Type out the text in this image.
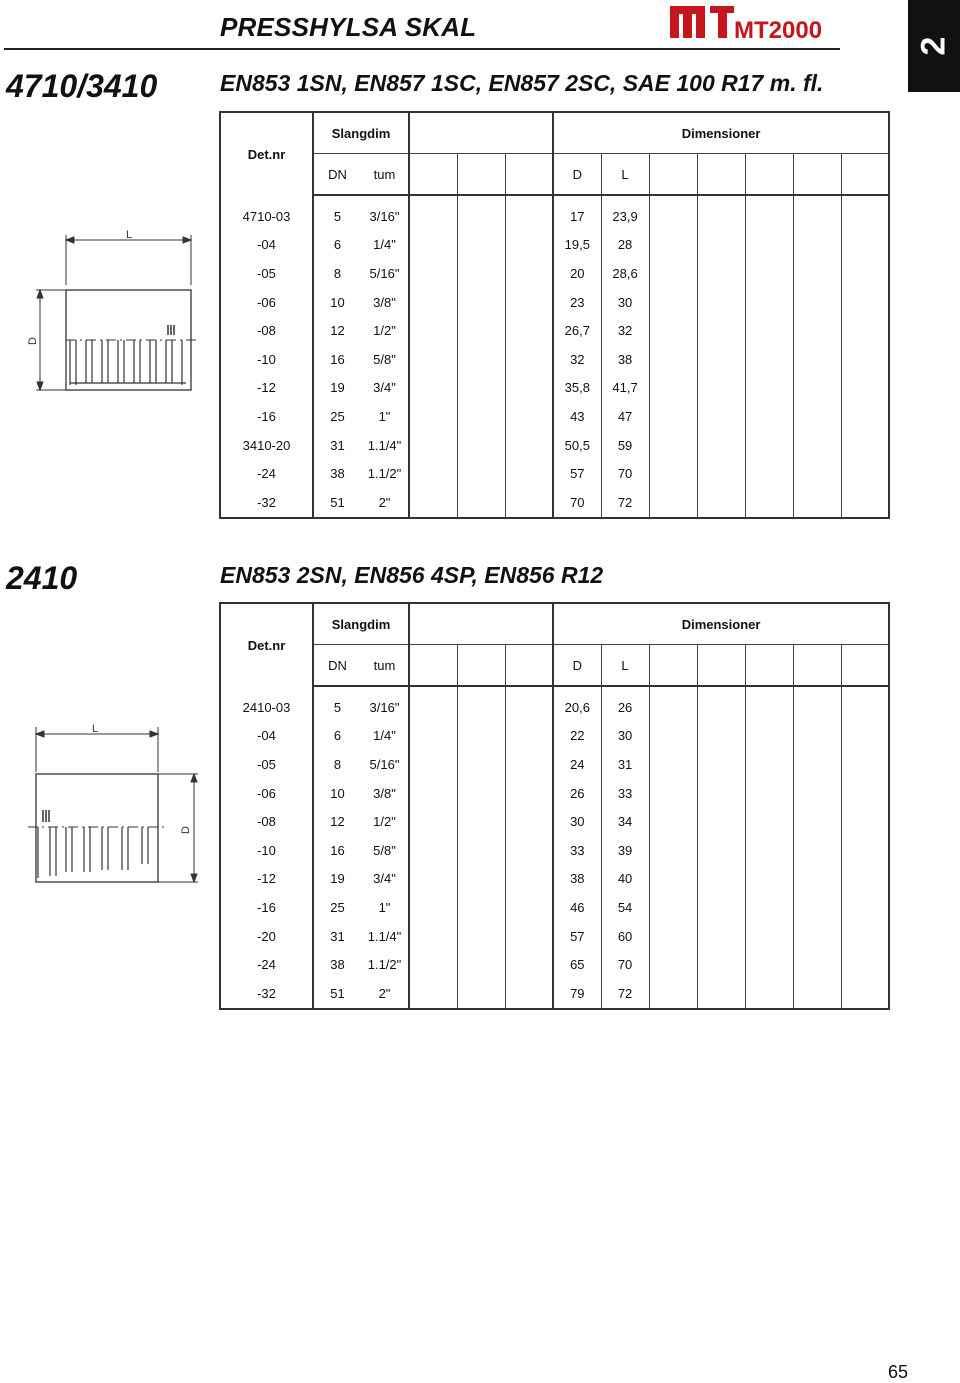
PRESSHYLSA SKAL	MT2000
2
4710/3410	EN853 1SN, EN857 1SC, EN857 2SC, SAE 100 R17 m. fl.
L
D
Det.nr	Slangdim					Dimensioner						
	DN	tum				D	L					

4710-03	5	3/16"				17	23,9					
-04	6	1/4"				19,5	28					
-05	8	5/16"				20	28,6					
-06	10	3/8"				23	30					
-08	12	1/2"				26,7	32					
-10	16	5/8"				32	38					
-12	19	3/4"				35,8	41,7					
-16	25	1"				43	47					
3410-20	31	1.1/4"				50,5	59					
-24	38	1.1/2"				57	70					
-32	51	2"				70	72					
2410	EN853 2SN, EN856 4SP, EN856 R12
L
D
Det.nr	Slangdim					Dimensioner						
	DN	tum				D	L					

2410-03	5	3/16"				20,6	26					
-04	6	1/4"				22	30					
-05	8	5/16"				24	31					
-06	10	3/8"				26	33					
-08	12	1/2"				30	34					
-10	16	5/8"				33	39					
-12	19	3/4"				38	40					
-16	25	1"				46	54					
-20	31	1.1/4"				57	60					
-24	38	1.1/2"				65	70					
-32	51	2"				79	72					
65
